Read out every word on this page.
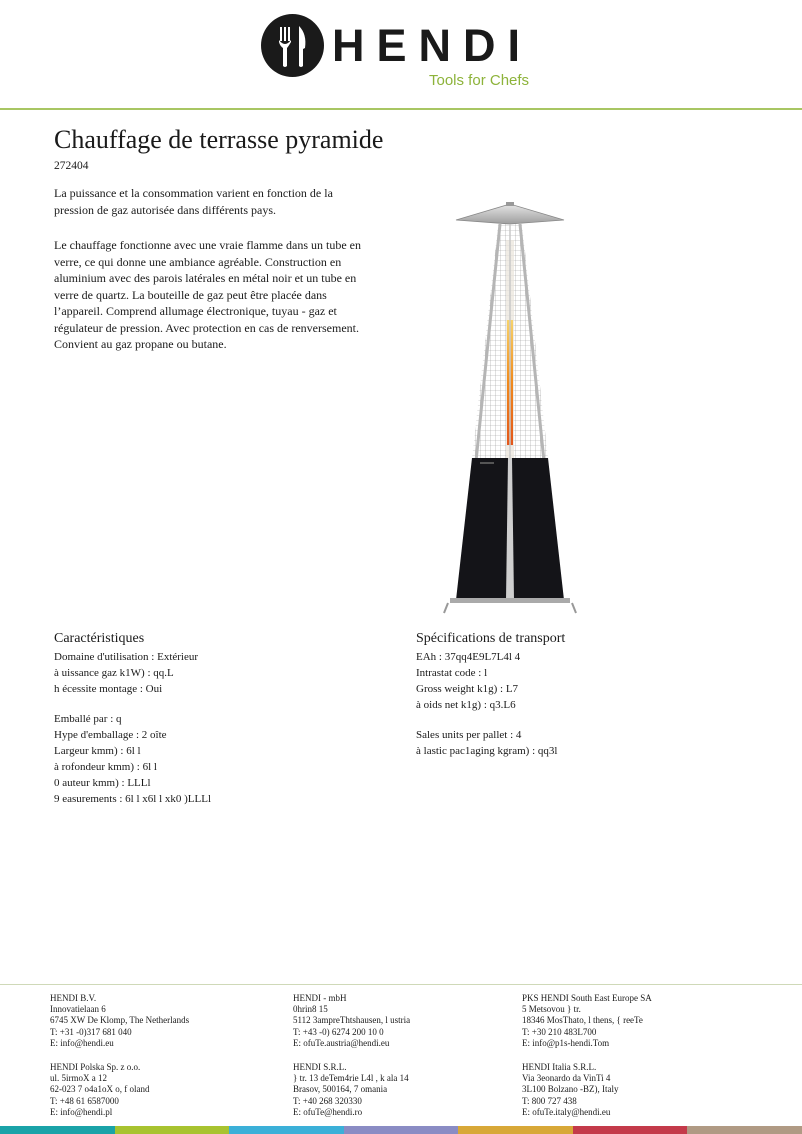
HENDI
Tools for Chefs
Chauffage de terrasse pyramide
272404

La puissance et la consommation varient en fonction de la pression de gaz autorisée dans différents pays.

Le chauffage fonctionne avec une vraie flamme dans un tube en verre, ce qui donne une ambiance agréable. Construction en aluminium avec des parois latérales en métal noir et un tube en verre de quartz. La bouteille de gaz peut être placée dans l’appareil. Comprend allumage électronique, tuyau - gaz et régulateur de pression. Avec protection en cas de renversement. Convient au gaz propane ou butane.

Caractéristiques
Domaine d'utilisation : Extérieur
à uissance gaz k1W) : qq.L
h écessite montage : Oui
Emballé par : q
Hype d'emballage : 2 oîte
Largeur kmm) : 6l l
à rofondeur kmm) : 6l l
0 auteur kmm) : LLLl
9 easurements : 6l l x6l l xk0 )LLLl
Spécifications de transport
EAh : 37qq4E9L7L4l 4
Intrastat code : l
Gross weight k1g) : L7
à oids net k1g) : q3.L6
Sales units per pallet : 4
à lastic pac1aging kgram) : qq3l
HENDI B.V.
Innovatielaan 6
6745 XW De Klomp, The Netherlands
T: +31 -0)317 681 040
E: info@hendi.eu
HENDI - mbH
0hrin8 15
5112 3ampreThtshausen, l ustria
T: +43 -0) 6274 200 10 0
E: ofuTe.austria@hendi.eu
PKS HENDI South East Europe SA
5 Metsovou } tr.
18346 MosThato, l thens, { reeTe
T: +30 210 483L700
E: info@p1s-hendi.Tom
HENDI Polska Sp. z o.o.
ul. 5irmoX a 12
62-023 7 o4a1oX o, f oland
T: +48 61 6587000
E: info@hendi.pl
HENDI S.R.L.
} tr. 13 deTem4rie L4l , k ala 14
Brasov, 500164, 7 omania
T: +40 268 320330
E: ofuTe@hendi.ro
HENDI Italia S.R.L.
Via 3eonardo da VinTi 4
3L100 Bolzano -BZ), Italy
T: 800 727 438
E: ofuTe.italy@hendi.eu
